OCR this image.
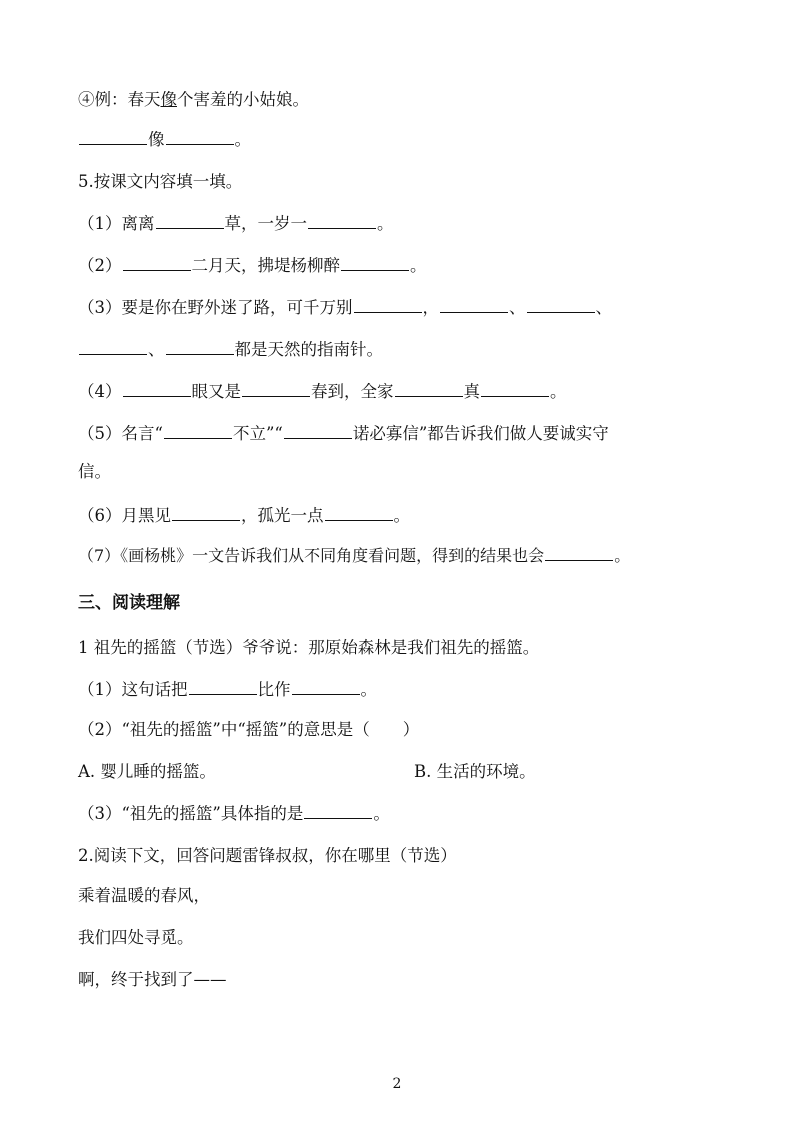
④例：春天像个害羞的小姑娘。
像	。
5.按课文内容填一填。
（1）离离	草，一岁一	。
（2）	二月天，拂堤杨柳醉	。
（3）要是你在野外迷了路，可千万别	，	、	、
、	都是天然的指南针。
（4）	眼又是	春到，全家	真	。
（5）名言“	不立”“	诺必寡信”都告诉我们做人要诚实守
信。
（6）月黑见	，孤光一点	。
（7）《画杨桃》一文告诉我们从不同角度看问题，得到的结果也会	。
三、阅读理解
1 祖先的摇篮（节选）爷爷说：那原始森林是我们祖先的摇篮。
（1）这句话把	比作	。
（2）“祖先的摇篮”中“摇篮”的意思是（　　）
A. 婴儿睡的摇篮。	B. 生活的环境。
（3）“祖先的摇篮”具体指的是	。
2.阅读下文，回答问题雷锋叔叔，你在哪里（节选）
乘着温暖的春风，
我们四处寻觅。
啊，终于找到了——
2
